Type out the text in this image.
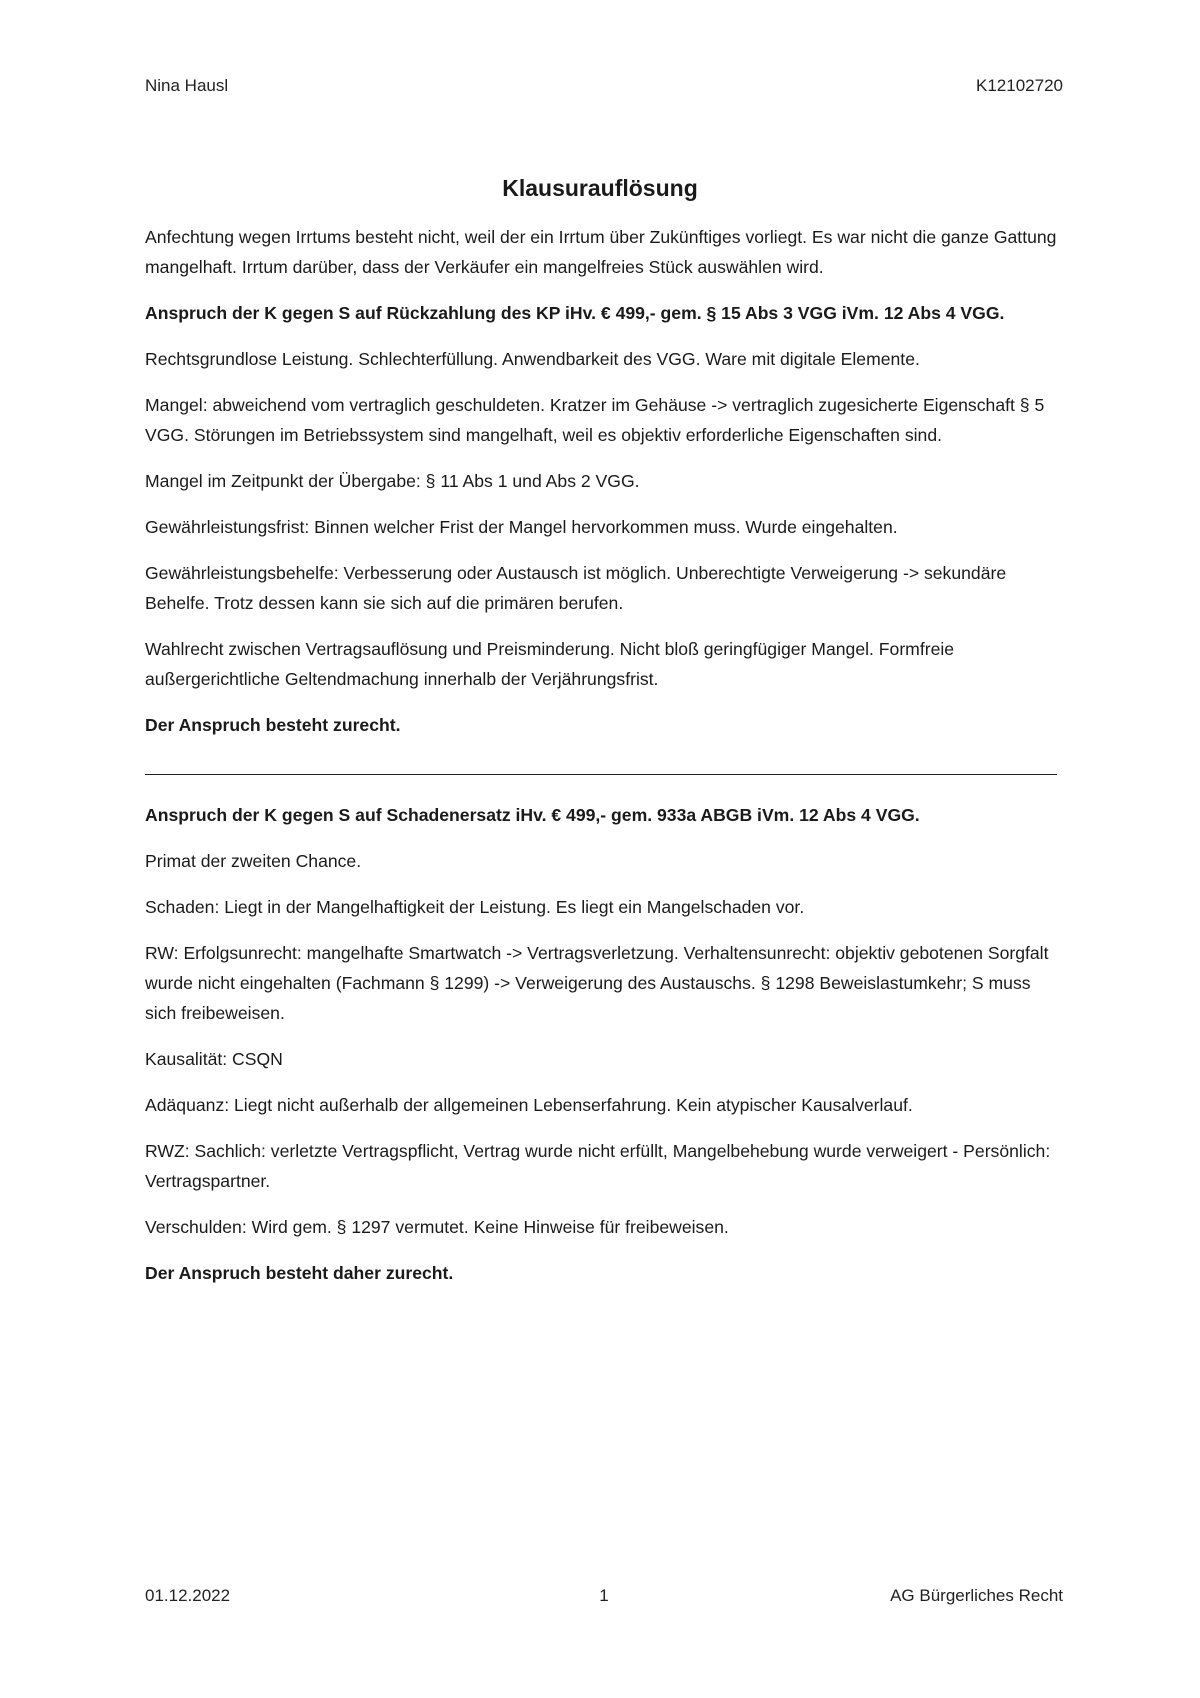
Nina Hausl	K12102720
Klausurauflösung

Anfechtung wegen Irrtums besteht nicht, weil der ein Irrtum über Zukünftiges vorliegt. Es war nicht die ganze Gattung mangelhaft. Irrtum darüber, dass der Verkäufer ein mangelfreies Stück auswählen wird.

Anspruch der K gegen S auf Rückzahlung des KP iHv. € 499,- gem. § 15 Abs 3 VGG iVm. 12 Abs 4 VGG.

Rechtsgrundlose Leistung. Schlechterfüllung. Anwendbarkeit des VGG. Ware mit digitale Elemente.

Mangel: abweichend vom vertraglich geschuldeten. Kratzer im Gehäuse -> vertraglich zugesicherte Eigenschaft § 5 VGG. Störungen im Betriebssystem sind mangelhaft, weil es objektiv erforderliche Eigenschaften sind.

Mangel im Zeitpunkt der Übergabe: § 11 Abs 1 und Abs 2 VGG.

Gewährleistungsfrist: Binnen welcher Frist der Mangel hervorkommen muss. Wurde eingehalten.

Gewährleistungsbehelfe: Verbesserung oder Austausch ist möglich. Unberechtigte Verweigerung -> sekundäre Behelfe. Trotz dessen kann sie sich auf die primären berufen.

Wahlrecht zwischen Vertragsauflösung und Preisminderung. Nicht bloß geringfügiger Mangel. Formfreie außergerichtliche Geltendmachung innerhalb der Verjährungsfrist.

Der Anspruch besteht zurecht.

Anspruch der K gegen S auf Schadenersatz iHv. € 499,- gem. 933a ABGB iVm. 12 Abs 4 VGG.

Primat der zweiten Chance.

Schaden: Liegt in der Mangelhaftigkeit der Leistung. Es liegt ein Mangelschaden vor.

RW: Erfolgsunrecht: mangelhafte Smartwatch -> Vertragsverletzung. Verhaltensunrecht: objektiv gebotenen Sorgfalt wurde nicht eingehalten (Fachmann § 1299) -> Verweigerung des Austauschs. § 1298 Beweislastumkehr; S muss sich freibeweisen.

Kausalität: CSQN

Adäquanz: Liegt nicht außerhalb der allgemeinen Lebenserfahrung. Kein atypischer Kausalverlauf.

RWZ: Sachlich: verletzte Vertragspflicht, Vertrag wurde nicht erfüllt, Mangelbehebung wurde verweigert - Persönlich: Vertragspartner.

Verschulden: Wird gem. § 1297 vermutet. Keine Hinweise für freibeweisen.

Der Anspruch besteht daher zurecht.

01.12.2022	1	AG Bürgerliches Recht
